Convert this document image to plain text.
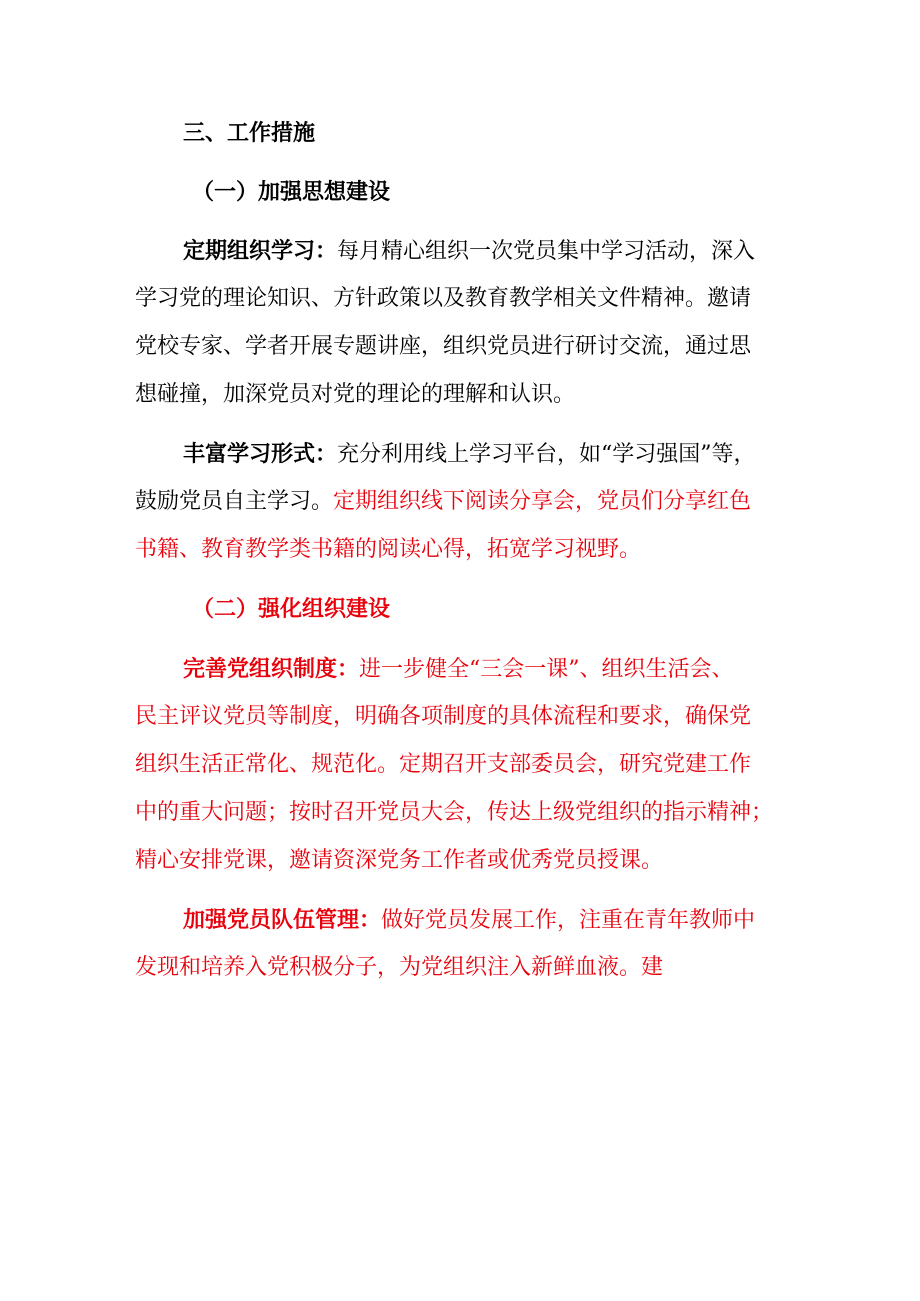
三、工作措施
（一）加强思想建设
定期组织学习：每月精心组织一次党员集中学习活动，深入
学习党的理论知识、方针政策以及教育教学相关文件精神。邀请
党校专家、学者开展专题讲座，组织党员进行研讨交流，通过思
想碰撞，加深党员对党的理论的理解和认识。
丰富学习形式：充分利用线上学习平台，如“学习强国”等，
鼓励党员自主学习。定期组织线下阅读分享会，党员们分享红色
书籍、教育教学类书籍的阅读心得，拓宽学习视野。
（二）强化组织建设
完善党组织制度：进一步健全“三会一课”、组织生活会、
民主评议党员等制度，明确各项制度的具体流程和要求，确保党
组织生活正常化、规范化。定期召开支部委员会，研究党建工作
中的重大问题；按时召开党员大会，传达上级党组织的指示精神；
精心安排党课，邀请资深党务工作者或优秀党员授课。
加强党员队伍管理：做好党员发展工作，注重在青年教师中
发现和培养入党积极分子，为党组织注入新鲜血液。建
